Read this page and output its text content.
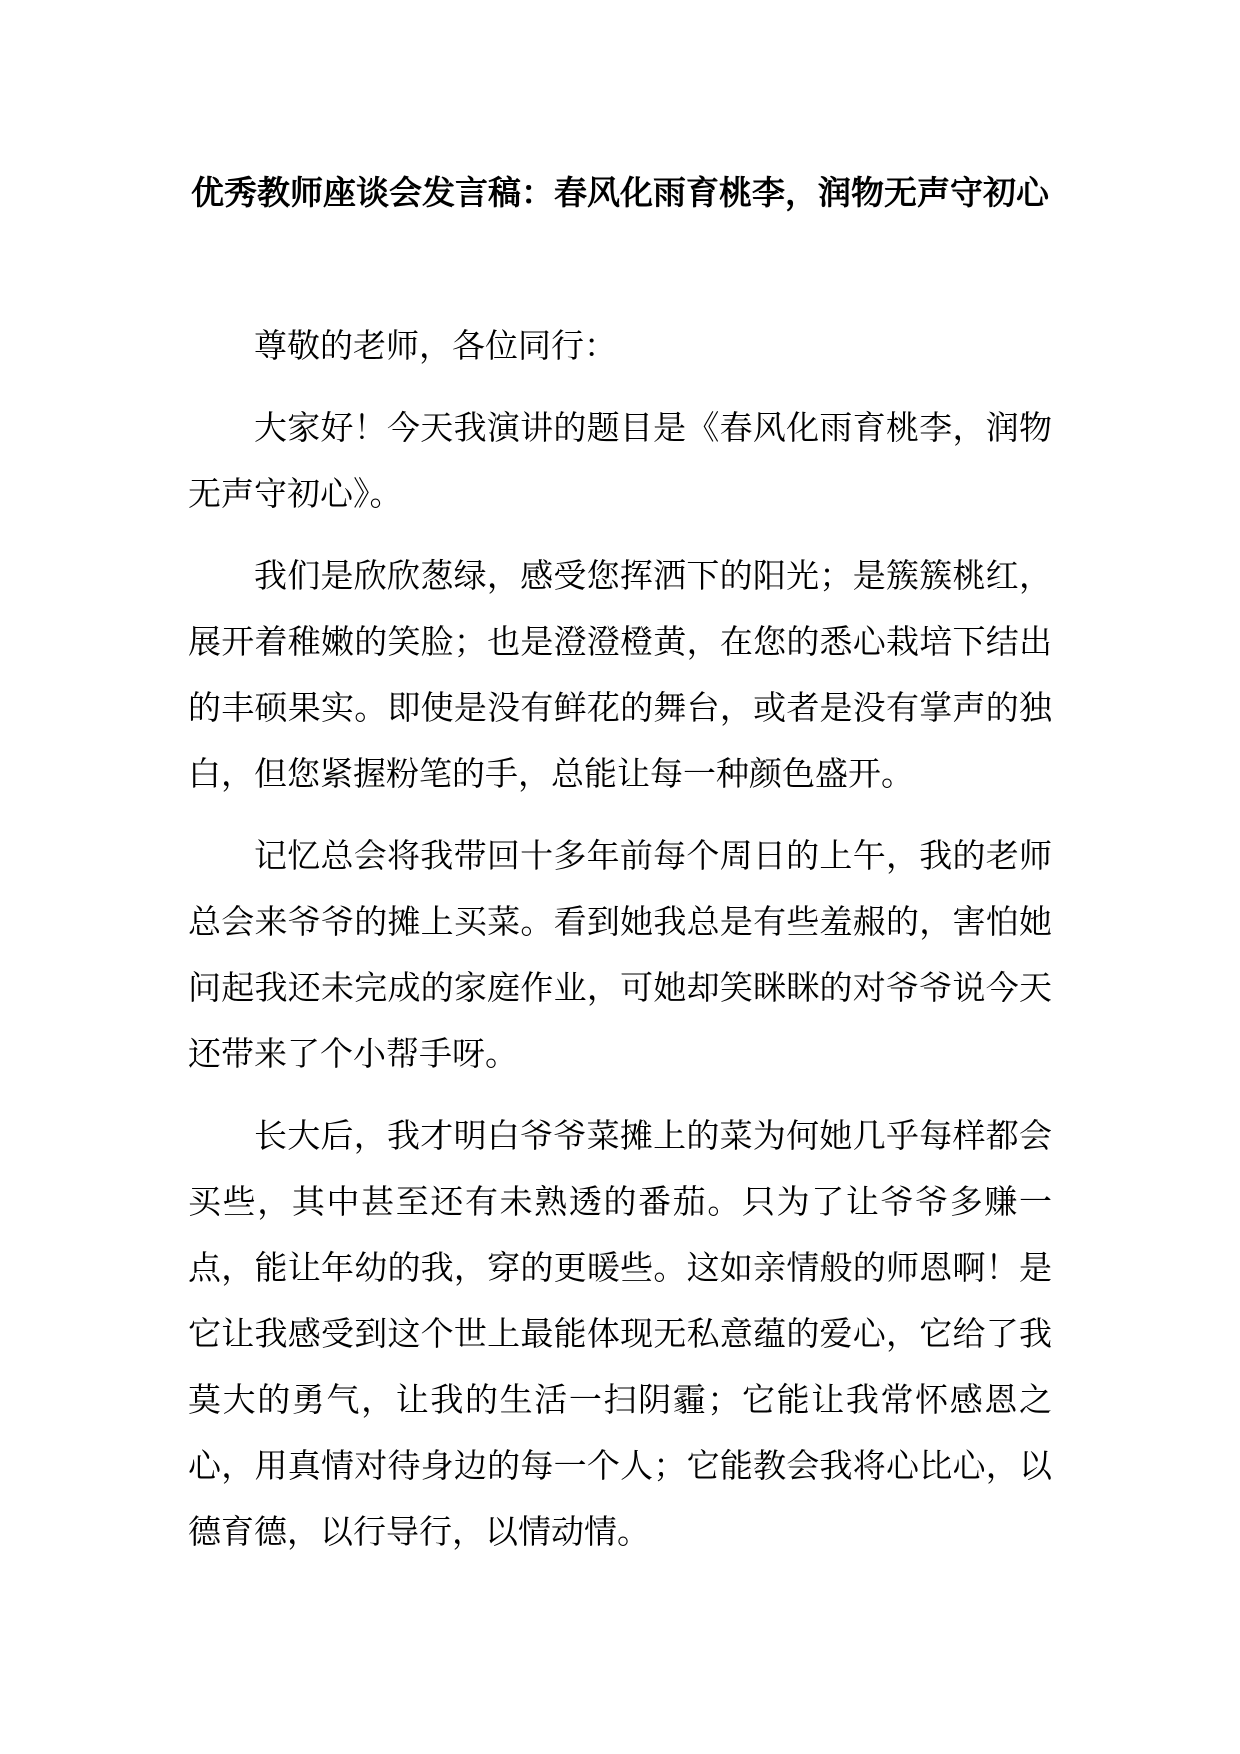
优秀教师座谈会发言稿：春风化雨育桃李，润物无声守初心

尊敬的老师，各位同行：

大家好！今天我演讲的题目是《春风化雨育桃李，润物无声守初心》。

我们是欣欣葱绿，感受您挥洒下的阳光；是簇簇桃红，展开着稚嫩的笑脸；也是澄澄橙黄，在您的悉心栽培下结出的丰硕果实。即使是没有鲜花的舞台，或者是没有掌声的独白，但您紧握粉笔的手，总能让每一种颜色盛开。

记忆总会将我带回十多年前每个周日的上午，我的老师总会来爷爷的摊上买菜。看到她我总是有些羞赧的，害怕她问起我还未完成的家庭作业，可她却笑眯眯的对爷爷说今天还带来了个小帮手呀。

长大后，我才明白爷爷菜摊上的菜为何她几乎每样都会买些，其中甚至还有未熟透的番茄。只为了让爷爷多赚一点，能让年幼的我，穿的更暖些。这如亲情般的师恩啊！是它让我感受到这个世上最能体现无私意蕴的爱心，它给了我莫大的勇气，让我的生活一扫阴霾；它能让我常怀感恩之心，用真情对待身边的每一个人；它能教会我将心比心，以德育德，以行导行，以情动情。
